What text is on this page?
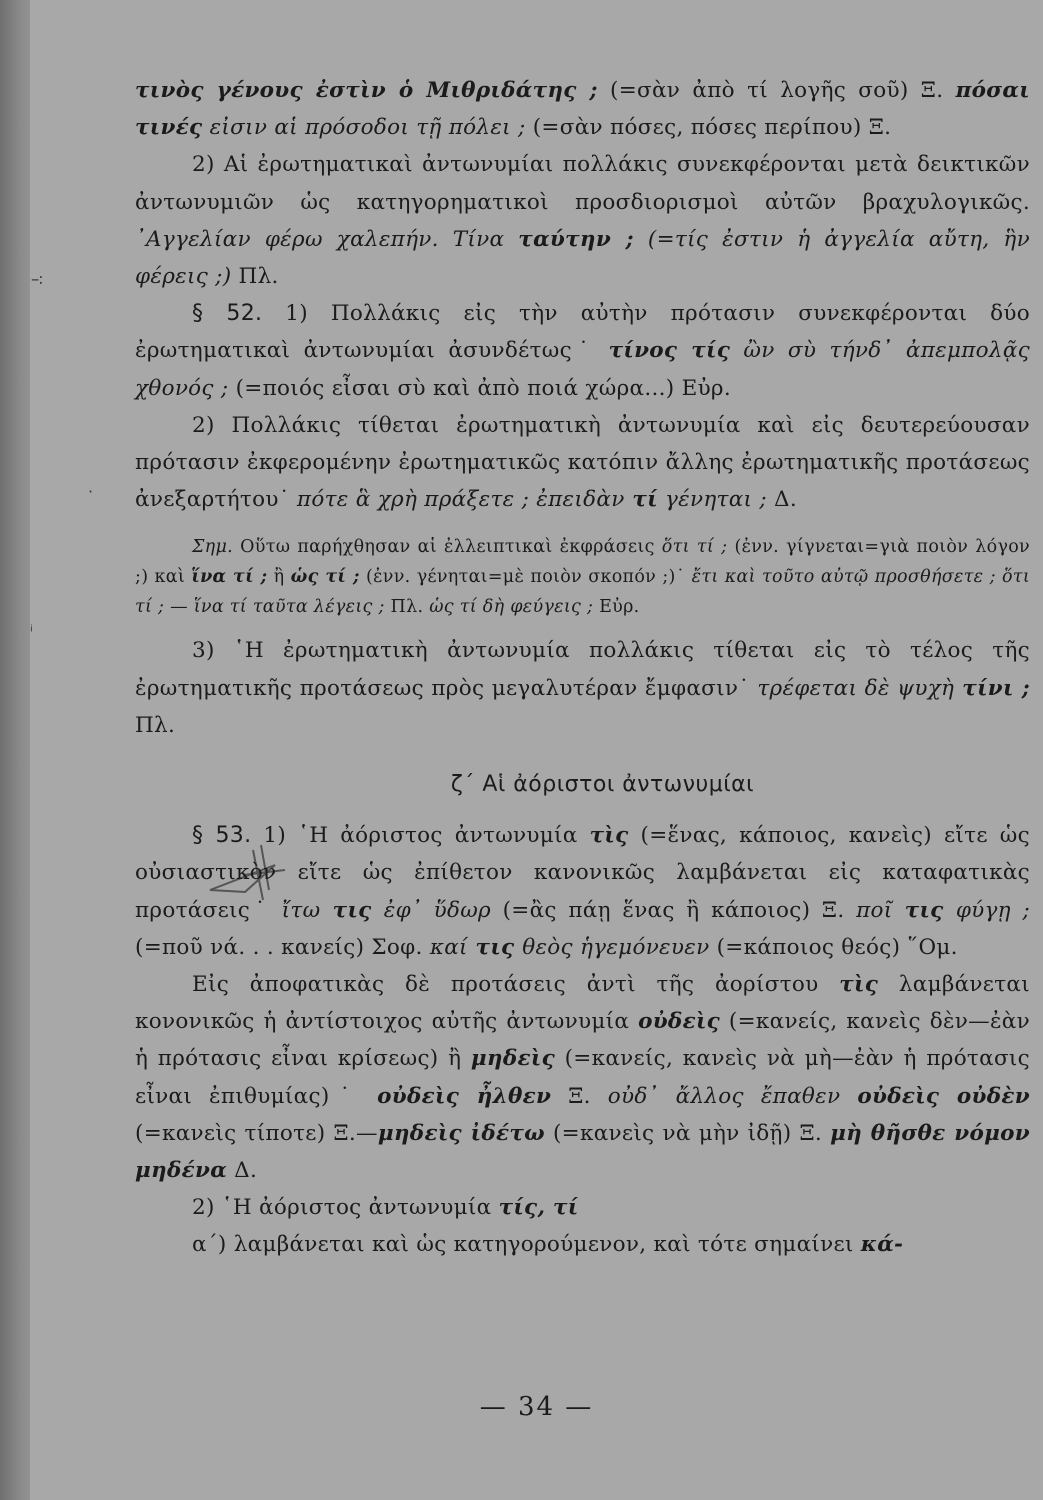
∹
ⁱ
·

τινὸς γένους ἐστὶν ὁ Μιθριδάτης ; (=σὰν ἀπὸ τί λογῆς σοῦ) Ξ. πόσαι τινές εἰσιν αἱ πρόσοδοι τῇ πόλει ; (=σὰν πόσες, πόσες περίπου) Ξ.

2) Αἱ ἐρωτηματικαὶ ἀντωνυμίαι πολλάκις συνεκφέρονται μετὰ δεικτικῶν ἀντωνυμιῶν ὡς κατηγορηματικοὶ προσδιορισμοὶ αὐτῶν βραχυλογικῶς. ᾿Αγγελίαν φέρω χαλεπήν. Τίνα ταύτην ; (=τίς ἐστιν ἡ ἀγγελία αὔτη, ἣν φέρεις ;) Πλ.

§ 52. 1) Πολλάκις εἰς τὴν αὐτὴν πρότασιν συνεκφέρονται δύο ἐρωτηματικαὶ ἀντωνυμίαι ἀσυνδέτως˙ τίνος τίς ὢν σὺ τήνδ᾿ ἀπεμπολᾷς χθονός ; (=ποιός εἶσαι σὺ καὶ ἀπὸ ποιά χώρα...) Εὐρ.

2) Πολλάκις τίθεται ἐρωτηματικὴ ἀντωνυμία καὶ εἰς δευτερεύουσαν πρότασιν ἐκφερομένην ἐρωτηματικῶς κατόπιν ἄλλης ἐρωτηματικῆς προτάσεως ἀνεξαρτήτου˙ πότε ἃ χρὴ πράξετε ; ἐπειδὰν τί γένηται ; Δ.

Σημ. Οὕτω παρήχθησαν αἱ ἐλλειπτικαὶ ἐκφράσεις ὅτι τί ; (ἐνν. γίγνεται=γιὰ ποιὸν λόγον ;) καὶ ἵνα τί ; ἢ ὡς τί ; (ἐνν. γένηται=μὲ ποιὸν σκοπόν ;)˙ ἔτι καὶ τοῦτο αὐτῷ προσθήσετε ; ὅτι τί ; — ἵνα τί ταῦτα λέγεις ; Πλ. ὡς τί δὴ φεύγεις ; Εὐρ.

3) ῾Η ἐρωτηματικὴ ἀντωνυμία πολλάκις τίθεται εἰς τὸ τέλος τῆς ἐρωτηματικῆς προτάσεως πρὸς μεγαλυτέραν ἔμφασιν˙ τρέφεται δὲ ψυχὴ τίνι ; Πλ.

ζ΄ Αἱ ἀόριστοι ἀντωνυμίαι

§ 53. 1) ῾Η ἀόριστος ἀντωνυμία τὶς (=ἕνας, κάποιος, κανεὶς) εἴτε ὡς οὐσιαστικὸν εἴτε ὡς ἐπίθετον κανονικῶς λαμβάνεται εἰς καταφατικὰς προτάσεις˙ ἴτω τις ἐφ᾿ ὕδωρ (=ἂς πάῃ ἕνας ἢ κάποιος) Ξ. ποῖ τις φύγῃ ; (=ποῦ νά. . . κανείς) Σοφ. καί τις θεὸς ἡγεμόνευεν (=κάποιος θεός) ῞Ομ.

Εἰς ἀποφατικὰς δὲ προτάσεις ἀντὶ τῆς ἀορίστου τὶς λαμβάνεται κονονικῶς ἡ ἀντίστοιχος αὐτῆς ἀντωνυμία οὐδεὶς (=κανείς, κανεὶς δὲν—ἐὰν ἡ πρότασις εἶναι κρίσεως) ἢ μηδεὶς (=κανείς, κανεὶς νὰ μὴ—ἐὰν ἡ πρότασις εἶναι ἐπιθυμίας)˙ οὐδεὶς ἦλθεν Ξ. οὐδ᾿ ἄλλος ἔπαθεν οὐδεὶς οὐδὲν (=κανεὶς τίποτε) Ξ.—μηδεὶς ἰδέτω (=κανεὶς νὰ μὴν ἰδῇ) Ξ. μὴ θῆσθε νόμον μηδένα Δ.

2) ῾Η ἀόριστος ἀντωνυμία τίς, τί

α΄) λαμβάνεται καὶ ὡς κατηγορούμενον, καὶ τότε σημαίνει κά-

— 34 —
